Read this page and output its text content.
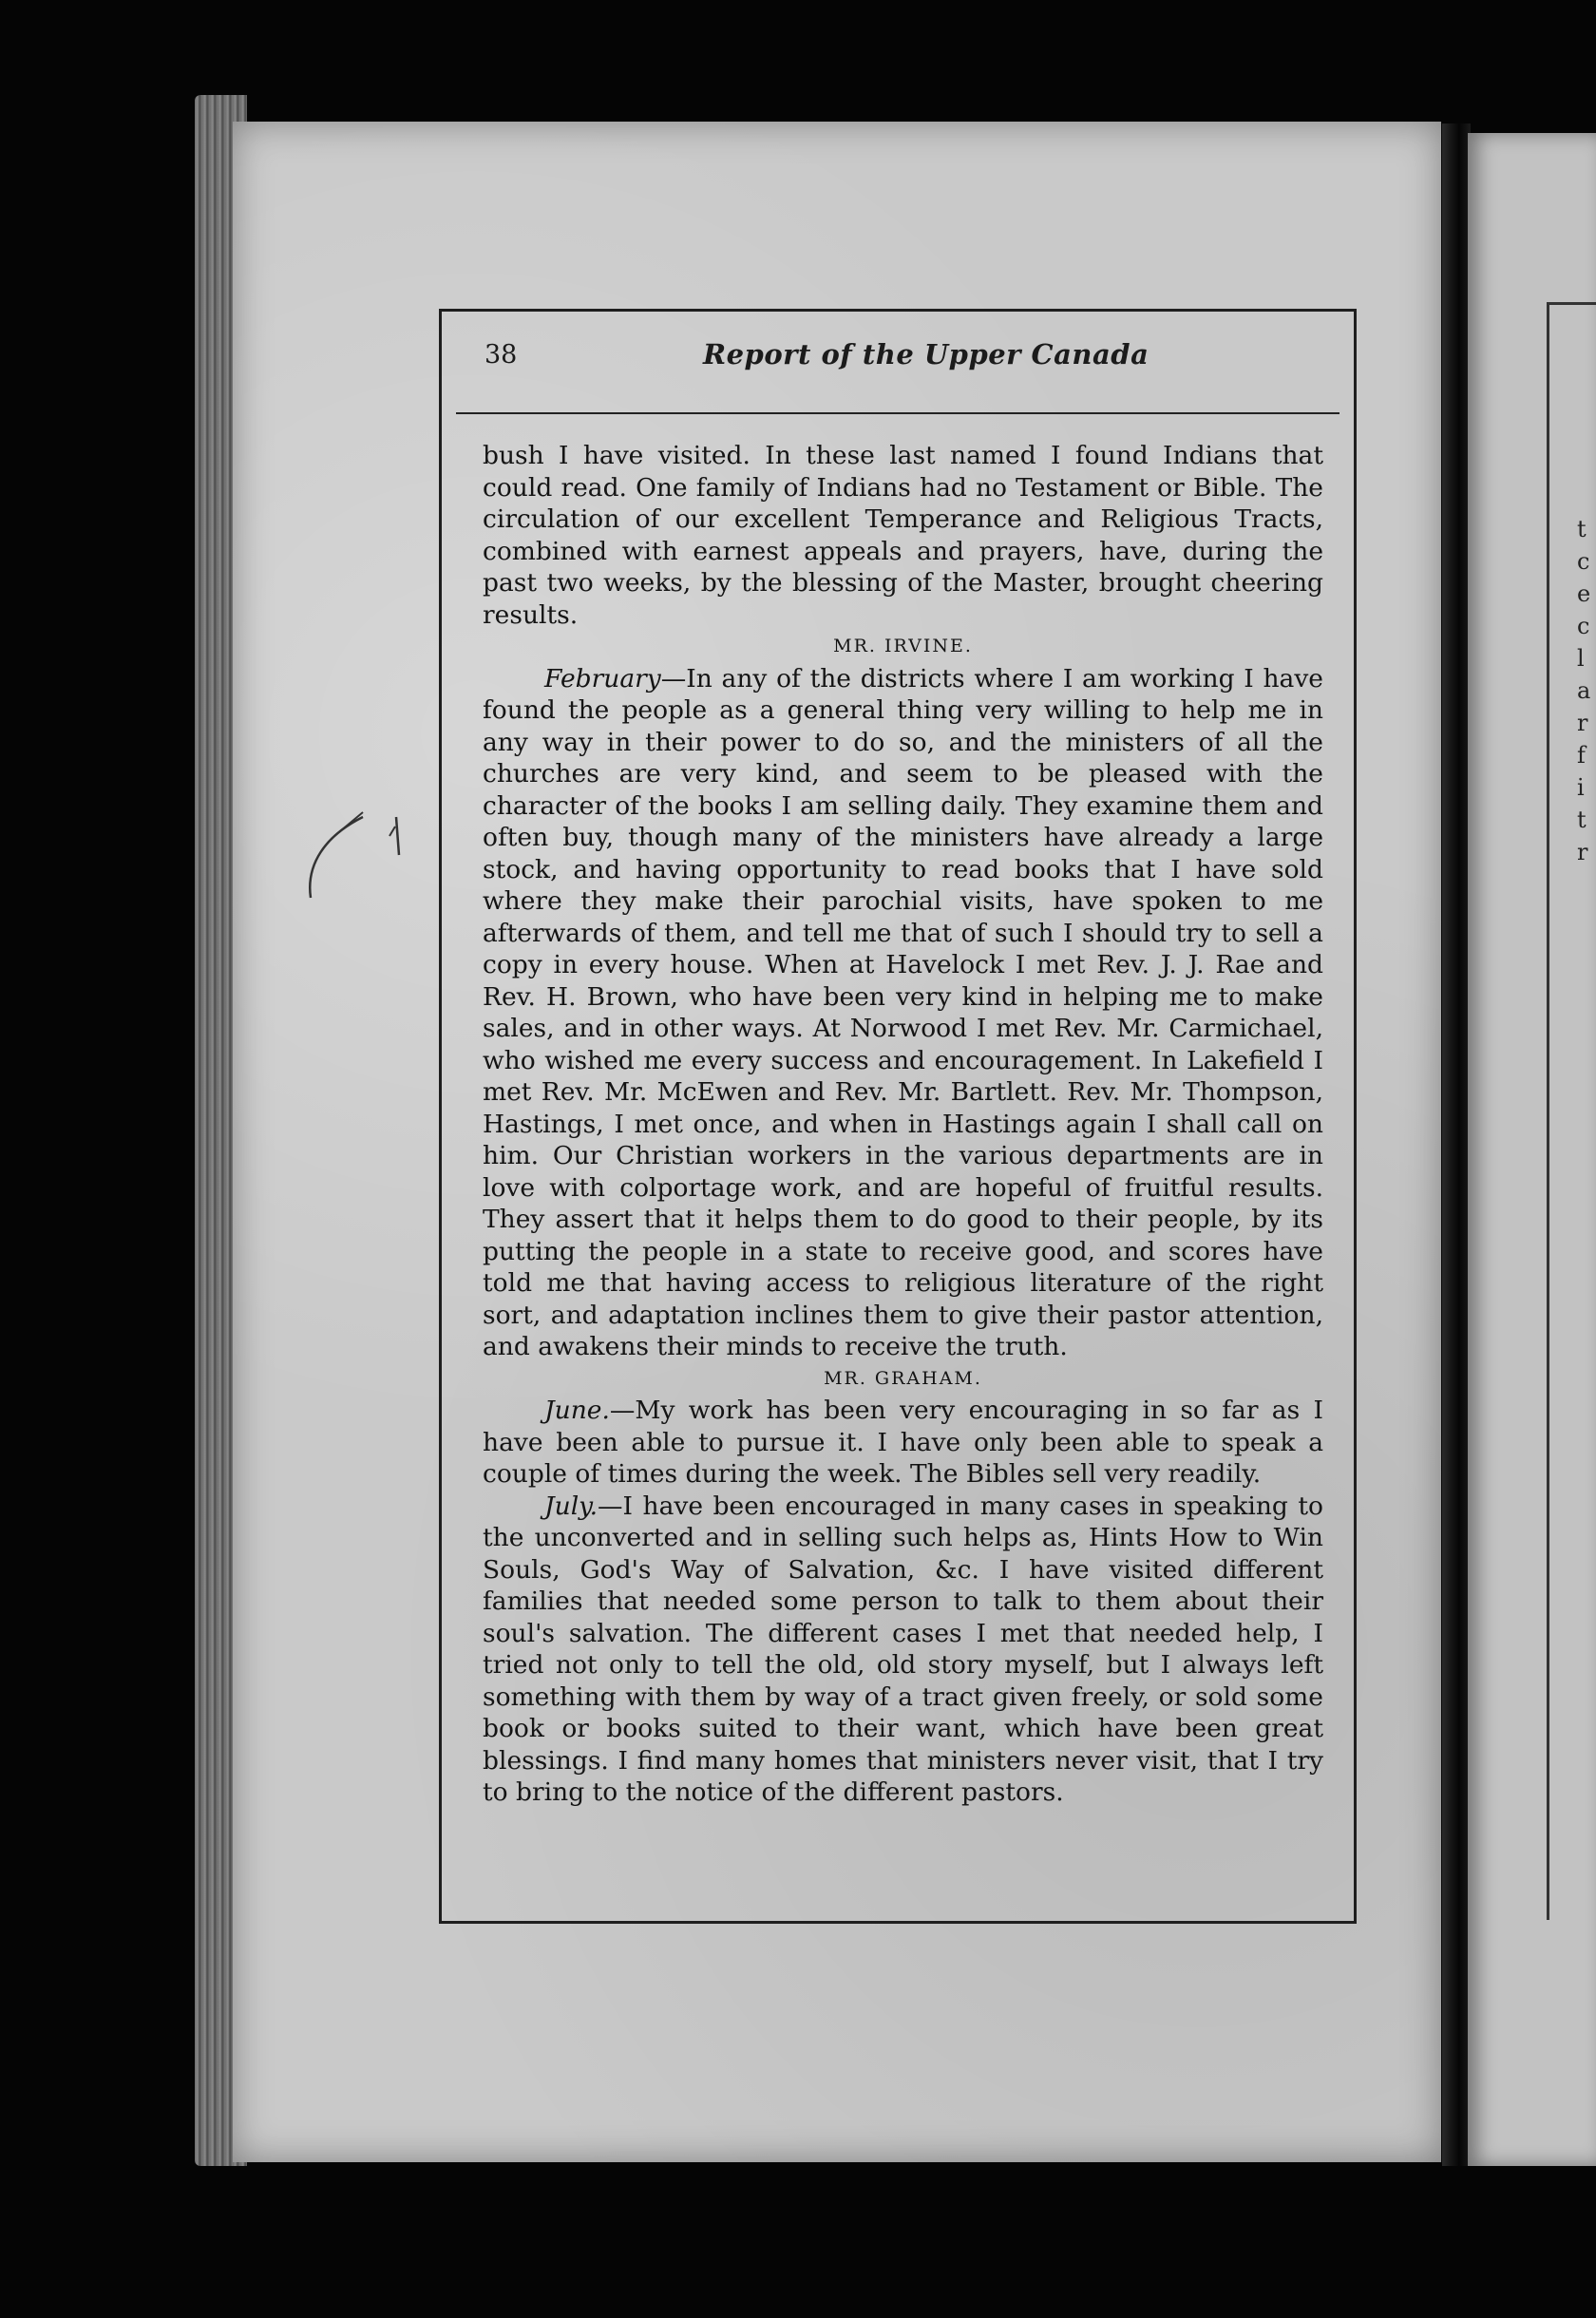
t
c
e
c
l
a
r
f
i
t
r
38	Report of the Upper Canada

bush I have visited. In these last named I found Indians that could read. One family of Indians had no Testament or Bible. The circulation of our excellent Temperance and Religious Tracts, combined with earnest appeals and prayers, have, during the past two weeks, by the blessing of the Master, brought cheering results.

MR. IRVINE.

February—In any of the districts where I am working I have found the people as a general thing very willing to help me in any way in their power to do so, and the ministers of all the churches are very kind, and seem to be pleased with the character of the books I am selling daily. They examine them and often buy, though many of the ministers have already a large stock, and having opportunity to read books that I have sold where they make their parochial visits, have spoken to me afterwards of them, and tell me that of such I should try to sell a copy in every house. When at Havelock I met Rev. J. J. Rae and Rev. H. Brown, who have been very kind in helping me to make sales, and in other ways. At Norwood I met Rev. Mr. Carmichael, who wished me every success and encouragement. In Lakefield I met Rev. Mr. McEwen and Rev. Mr. Bartlett. Rev. Mr. Thompson, Hastings, I met once, and when in Hastings again I shall call on him. Our Christian workers in the various departments are in love with colportage work, and are hopeful of fruitful results. They assert that it helps them to do good to their people, by its putting the people in a state to receive good, and scores have told me that having access to religious literature of the right sort, and adaptation inclines them to give their pastor attention, and awakens their minds to receive the truth.

MR. GRAHAM.

June.—My work has been very encouraging in so far as I have been able to pursue it. I have only been able to speak a couple of times during the week. The Bibles sell very readily.

July.—I have been encouraged in many cases in speaking to the unconverted and in selling such helps as, Hints How to Win Souls, God's Way of Salvation, &c. I have visited different families that needed some person to talk to them about their soul's salvation. The different cases I met that needed help, I tried not only to tell the old, old story myself, but I always left something with them by way of a tract given freely, or sold some book or books suited to their want, which have been great blessings. I find many homes that ministers never visit, that I try to bring to the notice of the different pastors.
